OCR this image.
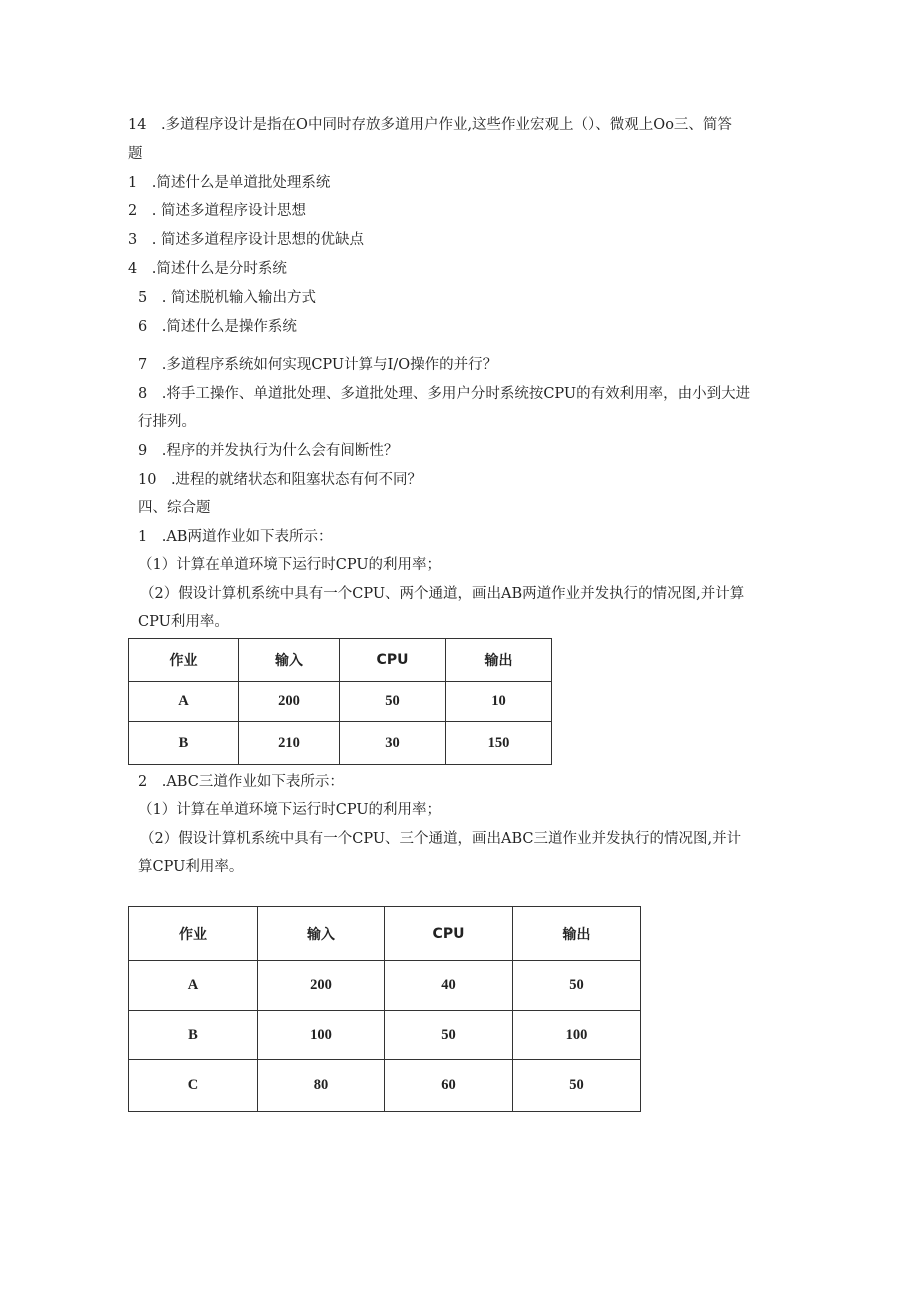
14　.多道程序设计是指在O中同时存放多道用户作业,这些作业宏观上（）、微观上Oo三、简答
题
1　.简述什么是单道批处理系统
2　. 简述多道程序设计思想
3　. 简述多道程序设计思想的优缺点
4　.简述什么是分时系统
5　. 简述脱机输入输出方式
6　.简述什么是操作系统
7　.多道程序系统如何实现CPU计算与I/O操作的并行？
8　.将手工操作、单道批处理、多道批处理、多用户分时系统按CPU的有效利用率，由小到大进
行排列。
9　.程序的并发执行为什么会有间断性？
10　.进程的就绪状态和阻塞状态有何不同？
四、综合题
1　.AB两道作业如下表所示：
（1）计算在单道环境下运行时CPU的利用率；
（2）假设计算机系统中具有一个CPU、两个通道，画出AB两道作业并发执行的情况图,并计算
CPU利用率。
作业	输入	CPU	输出
A	200	50	10
B	210	30	150
2　.ABC三道作业如下表所示：
（1）计算在单道环境下运行时CPU的利用率；
（2）假设计算机系统中具有一个CPU、三个通道，画出ABC三道作业并发执行的情况图,并计
算CPU利用率。
作业	输入	CPU	输出
A	200	40	50
B	100	50	100
C	80	60	50
